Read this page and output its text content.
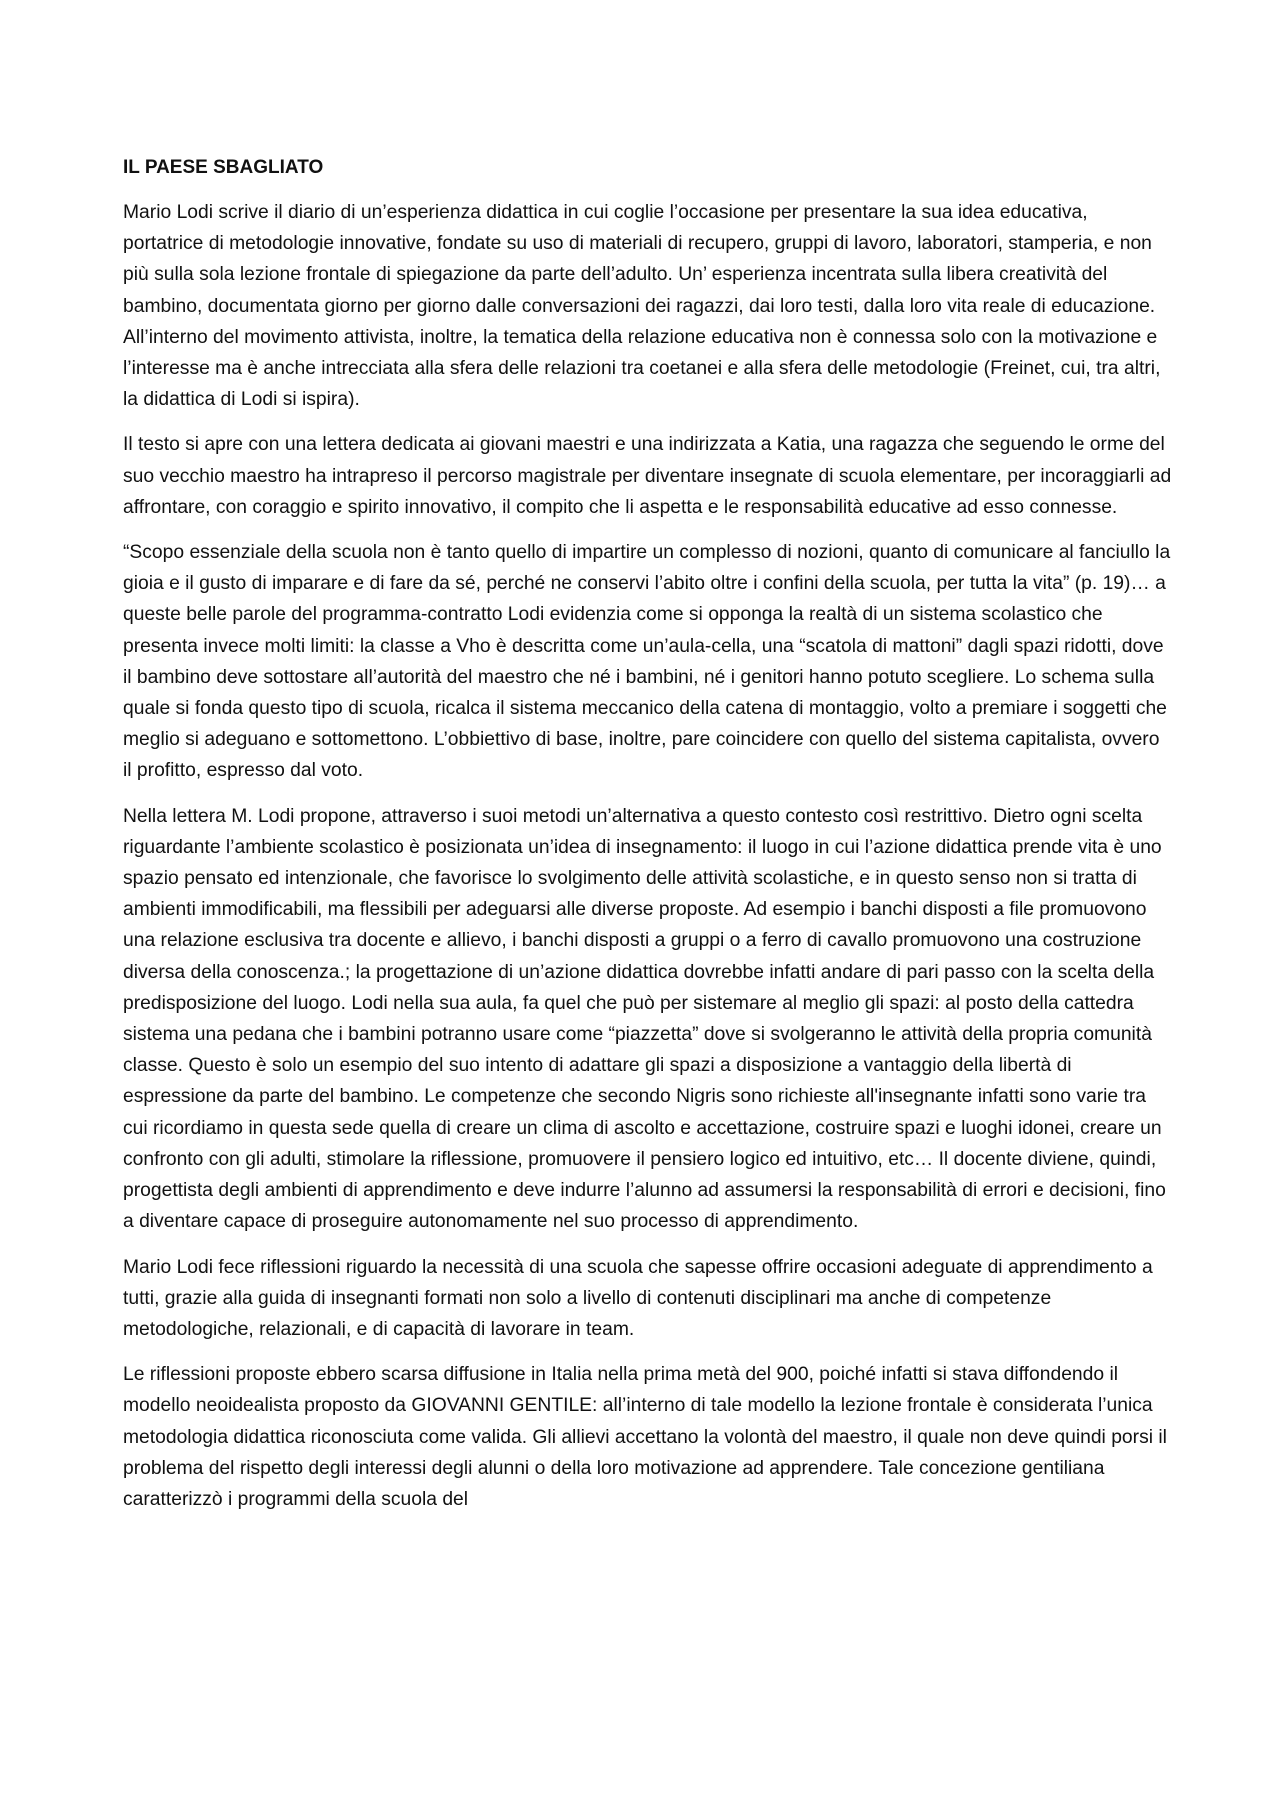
IL PAESE SBAGLIATO

Mario Lodi scrive il diario di un’esperienza didattica in cui coglie l’occasione per presentare la sua idea educativa, portatrice di metodologie innovative, fondate su uso di materiali di recupero, gruppi di lavoro, laboratori, stamperia, e non più sulla sola lezione frontale di spiegazione da parte dell’adulto. Un’ esperienza incentrata sulla libera creatività del bambino, documentata giorno per giorno dalle conversazioni dei ragazzi, dai loro testi, dalla loro vita reale di educazione. All’interno del movimento attivista, inoltre, la tematica della relazione educativa non è connessa solo con la motivazione e l’interesse ma è anche intrecciata alla sfera delle relazioni tra coetanei e alla sfera delle metodologie (Freinet, cui, tra altri, la didattica di Lodi si ispira).

Il testo si apre con una lettera dedicata ai giovani maestri e una indirizzata a Katia, una ragazza che seguendo le orme del suo vecchio maestro ha intrapreso il percorso magistrale per diventare insegnate di scuola elementare, per incoraggiarli ad affrontare, con coraggio e spirito innovativo, il compito che li aspetta e le responsabilità educative ad esso connesse.

“Scopo essenziale della scuola non è tanto quello di impartire un complesso di nozioni, quanto di comunicare al fanciullo la gioia e il gusto di imparare e di fare da sé, perché ne conservi l’abito oltre i confini della scuola, per tutta la vita” (p. 19)… a queste belle parole del programma-contratto Lodi evidenzia come si opponga la realtà di un sistema scolastico che presenta invece molti limiti: la classe a Vho è descritta come un’aula-cella, una “scatola di mattoni” dagli spazi ridotti, dove il bambino deve sottostare all’autorità del maestro che né i bambini, né i genitori hanno potuto scegliere. Lo schema sulla quale si fonda questo tipo di scuola, ricalca il sistema meccanico della catena di montaggio, volto a premiare i soggetti che meglio si adeguano e sottomettono. L’obbiettivo di base, inoltre, pare coincidere con quello del sistema capitalista, ovvero il profitto, espresso dal voto.

Nella lettera M. Lodi propone, attraverso i suoi metodi un’alternativa a questo contesto così restrittivo. Dietro ogni scelta riguardante l’ambiente scolastico è posizionata un’idea di insegnamento: il luogo in cui l’azione didattica prende vita è uno spazio pensato ed intenzionale, che favorisce lo svolgimento delle attività scolastiche, e in questo senso non si tratta di ambienti immodificabili, ma flessibili per adeguarsi alle diverse proposte. Ad esempio i banchi disposti a file promuovono una relazione esclusiva tra docente e allievo, i banchi disposti a gruppi o a ferro di cavallo promuovono una costruzione diversa della conoscenza.; la progettazione di un’azione didattica dovrebbe infatti andare di pari passo con la scelta della predisposizione del luogo. Lodi nella sua aula, fa quel che può per sistemare al meglio gli spazi: al posto della cattedra sistema una pedana che i bambini potranno usare come “piazzetta” dove si svolgeranno le attività della propria comunità classe. Questo è solo un esempio del suo intento di adattare gli spazi a disposizione a vantaggio della libertà di espressione da parte del bambino. Le competenze che secondo Nigris sono richieste all'insegnante infatti sono varie tra cui ricordiamo in questa sede quella di creare un clima di ascolto e accettazione, costruire spazi e luoghi idonei, creare un confronto con gli adulti, stimolare la riflessione, promuovere il pensiero logico ed intuitivo, etc… Il docente diviene, quindi, progettista degli ambienti di apprendimento e deve indurre l’alunno ad assumersi la responsabilità di errori e decisioni, fino a diventare capace di proseguire autonomamente nel suo processo di apprendimento.

Mario Lodi fece riflessioni riguardo la necessità di una scuola che sapesse offrire occasioni adeguate di apprendimento a tutti, grazie alla guida di insegnanti formati non solo a livello di contenuti disciplinari ma anche di competenze metodologiche, relazionali, e di capacità di lavorare in team.

Le riflessioni proposte ebbero scarsa diffusione in Italia nella prima metà del 900, poiché infatti si stava diffondendo il modello neoidealista proposto da GIOVANNI GENTILE: all’interno di tale modello la lezione frontale è considerata l’unica metodologia didattica riconosciuta come valida. Gli allievi accettano la volontà del maestro, il quale non deve quindi porsi il problema del rispetto degli interessi degli alunni o della loro motivazione ad apprendere. Tale concezione gentiliana caratterizzò i programmi della scuola del
